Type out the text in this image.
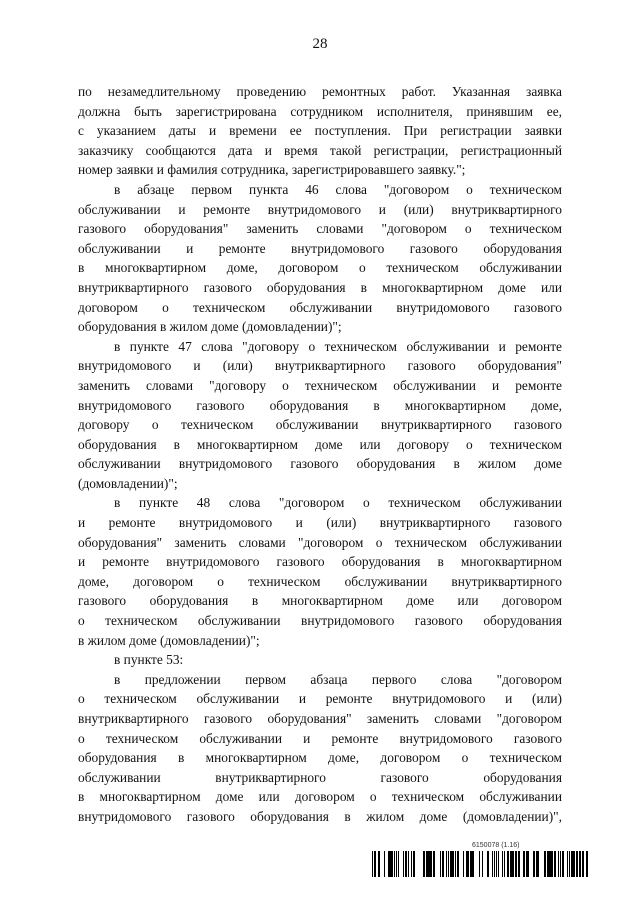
28
по незамедлительному проведению ремонтных работ. Указанная заявка
должна быть зарегистрирована сотрудником исполнителя, принявшим ее,
с указанием даты и времени ее поступления. При регистрации заявки
заказчику сообщаются дата и время такой регистрации, регистрационный
номер заявки и фамилия сотрудника, зарегистрировавшего заявку.";
в абзаце первом пункта 46 слова "договором о техническом
обслуживании и ремонте внутридомового и (или) внутриквартирного
газового оборудования" заменить словами "договором о техническом
обслуживании и ремонте внутридомового газового оборудования
в многоквартирном доме, договором о техническом обслуживании
внутриквартирного газового оборудования в многоквартирном доме или
договором о техническом обслуживании внутридомового газового
оборудования в жилом доме (домовладении)";
в пункте 47 слова "договору о техническом обслуживании и ремонте
внутридомового и (или) внутриквартирного газового оборудования"
заменить словами "договору о техническом обслуживании и ремонте
внутридомового газового оборудования в многоквартирном доме,
договору о техническом обслуживании внутриквартирного газового
оборудования в многоквартирном доме или договору о техническом
обслуживании внутридомового газового оборудования в жилом доме
(домовладении)";
в пункте 48 слова "договором о техническом обслуживании
и ремонте внутридомового и (или) внутриквартирного газового
оборудования" заменить словами "договором о техническом обслуживании
и ремонте внутридомового газового оборудования в многоквартирном
доме, договором о техническом обслуживании внутриквартирного
газового оборудования в многоквартирном доме или договором
о техническом обслуживании внутридомового газового оборудования
в жилом доме (домовладении)";
в пункте 53:
в предложении первом абзаца первого слова "договором
о техническом обслуживании и ремонте внутридомового и (или)
внутриквартирного газового оборудования" заменить словами "договором
о техническом обслуживании и ремонте внутридомового газового
оборудования в многоквартирном доме, договором о техническом
обслуживании внутриквартирного газового оборудования
в многоквартирном доме или договором о техническом обслуживании
внутридомового газового оборудования в жилом доме (домовладении)",
6150078 (1.16)
